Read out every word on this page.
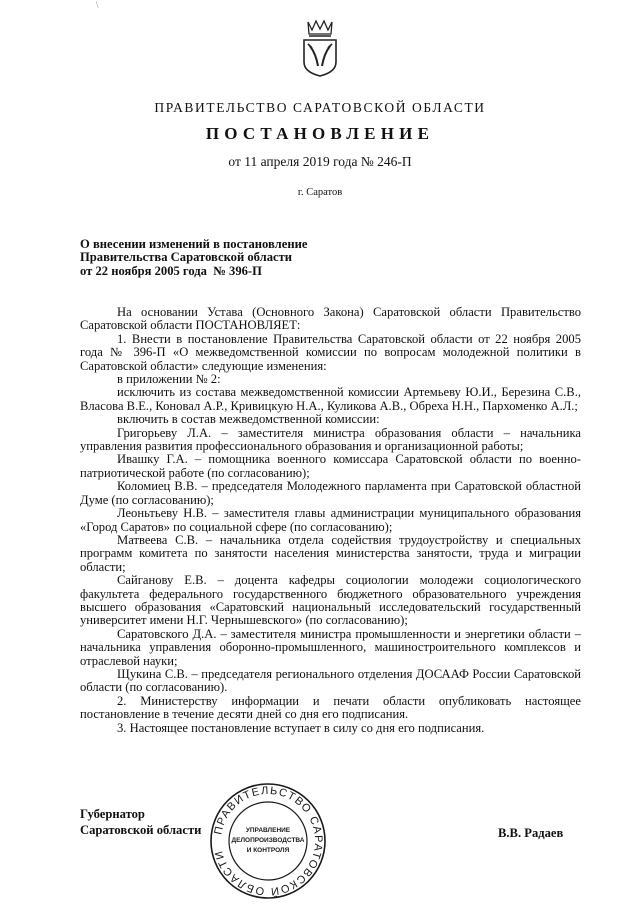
\
ПРАВИТЕЛЬСТВО САРАТОВСКОЙ ОБЛАСТИ
ПОСТАНОВЛЕНИЕ
от 11 апреля 2019 года № 246-П
г. Саратов
О внесении изменений в постановление
Правительства Саратовской области
от 22 ноября 2005 года  № 396-П

На основании Устава (Основного Закона) Саратовской области Правительство Саратовской области ПОСТАНОВЛЯЕТ:

1. Внести в постановление Правительства Саратовской области от 22 ноября 2005 года № 396-П «О межведомственной комиссии по вопросам молодежной политики в Саратовской области» следующие изменения:

в приложении № 2:

исключить из состава межведомственной комиссии Артемьеву Ю.И., Березина С.В., Власова В.Е., Коновал А.Р., Кривицкую Н.А., Куликова А.В., Обреха Н.Н., Пархоменко А.Л.;

включить в состав межведомственной комиссии:

Григорьеву Л.А. – заместителя министра образования области – начальника управления развития профессионального образования и организационной работы;

Ивашку Г.А. – помощника военного комиссара Саратовской области по военно-патриотической работе (по согласованию);

Коломиец В.В. – председателя Молодежного парламента при Саратовской областной Думе (по согласованию);

Леоньтьеву Н.В. – заместителя главы администрации муниципального образования «Город Саратов» по социальной сфере (по согласованию);

Матвеева С.В. – начальника отдела содействия трудоустройству и специальных программ комитета по занятости населения министерства занятости, труда и миграции области;

Сайганову Е.В. – доцента кафедры социологии молодежи социологического факультета федерального государственного бюджетного образовательного учреждения высшего образования «Саратовский национальный исследовательский государственный университет имени Н.Г. Чернышевского» (по согласованию);

Саратовского Д.А. – заместителя министра промышленности и энергетики области – начальника управления оборонно-промышленного, машиностроительного комплексов и отраслевой науки;

Щукина С.В. – председателя регионального отделения ДОСААФ России Саратовской области (по согласованию).

2. Министерству информации и печати области опубликовать настоящее постановление в течение десяти дней со дня его подписания.

3. Настоящее постановление вступает в силу со дня его подписания.

Губернатор
Саратовской области ПРАВИТЕЛЬСТВО САРАТОВСКОЙ ОБЛАСТИ
УПРАВЛЕНИЕ
ДЕЛОПРОИЗВОДСТВА
И КОНТРОЛЯ
В.В. Радаев
